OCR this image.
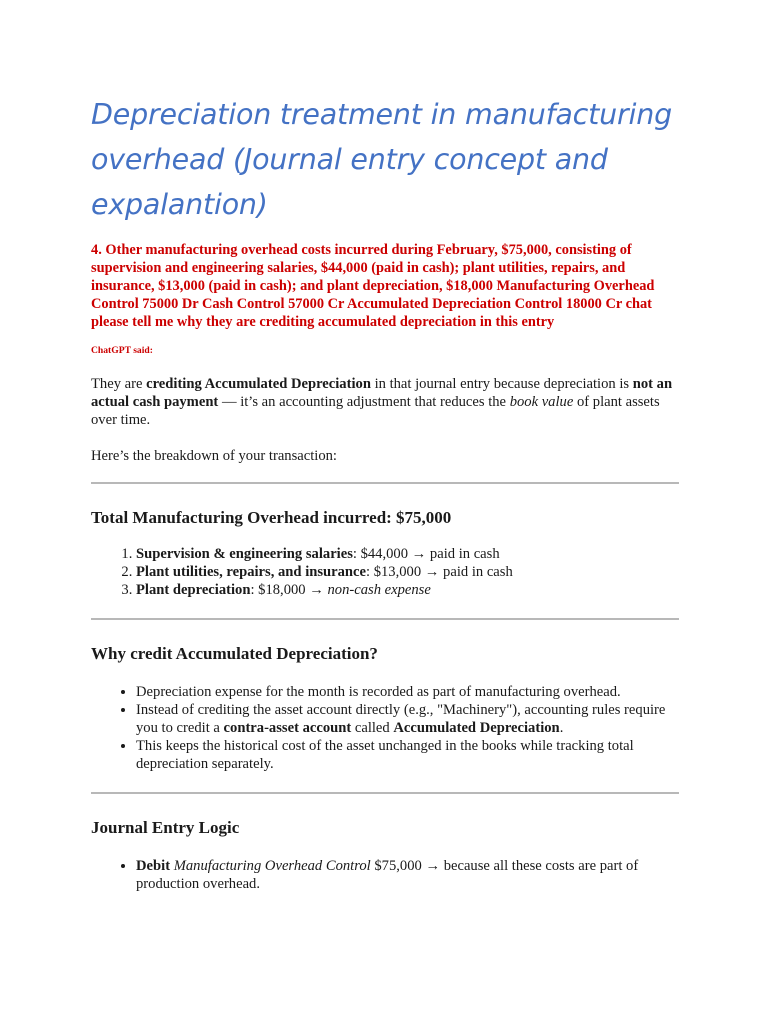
Depreciation treatment in manufacturing overhead (Journal entry concept and expalantion)

4. Other manufacturing overhead costs incurred during February, $75,000, consisting of supervision and engineering salaries, $44,000 (paid in cash); plant utilities, repairs, and insurance, $13,000 (paid in cash); and plant depreciation, $18,000 Manufacturing Overhead Control 75000 Dr Cash Control 57000 Cr Accumulated Depreciation Control 18000 Cr chat please tell me why they are crediting accumulated depreciation in this entry

ChatGPT said:

They are crediting Accumulated Depreciation in that journal entry because depreciation is not an actual cash payment — it’s an accounting adjustment that reduces the book value of plant assets over time.

Here’s the breakdown of your transaction:

Total Manufacturing Overhead incurred: $75,000
1. Supervision & engineering salaries: $44,000 → paid in cash
2. Plant utilities, repairs, and insurance: $13,000 → paid in cash
3. Plant depreciation: $18,000 → non-cash expense
Why credit Accumulated Depreciation?
• Depreciation expense for the month is recorded as part of manufacturing overhead.
• Instead of crediting the asset account directly (e.g., "Machinery"), accounting rules require you to credit a contra-asset account called Accumulated Depreciation.
• This keeps the historical cost of the asset unchanged in the books while tracking total depreciation separately.
Journal Entry Logic
• Debit Manufacturing Overhead Control $75,000 → because all these costs are part of production overhead.
